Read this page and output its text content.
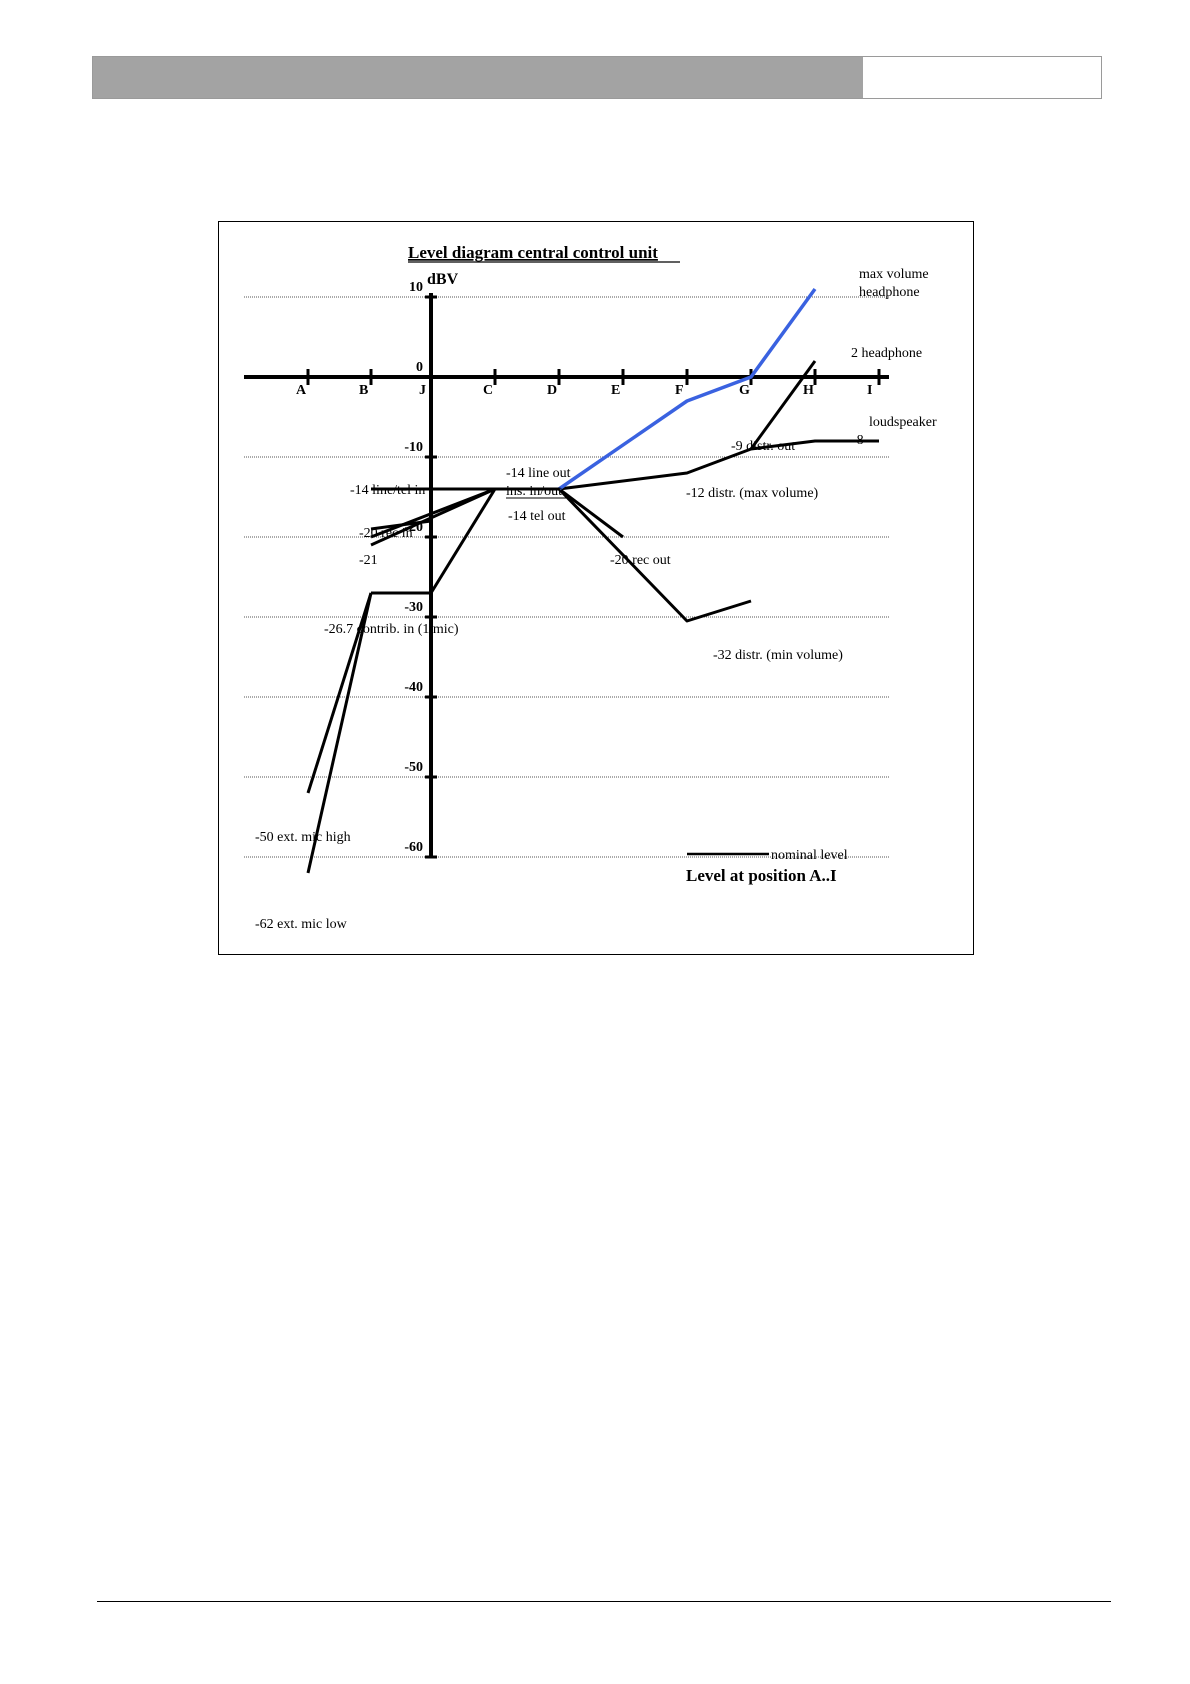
Level diagram central control unit
dBV
10
0
-10
-20
-30
-40
-50
-60
A	B	J	C	D	E	F	G	H	I
max volume
headphone
2 headphone
loudspeaker
-8
-9 distr. out
-14 line out
ins. in/out
-14 tel out
-14 line/tel in	-12 distr. (max volume)
-20 rec in
-21	-20 rec out
-26.7 contrib. in (1 mic)
-32 distr. (min volume)
-50 ext. mic high
-62 ext. mic low
nominal level
Level at position A..I
